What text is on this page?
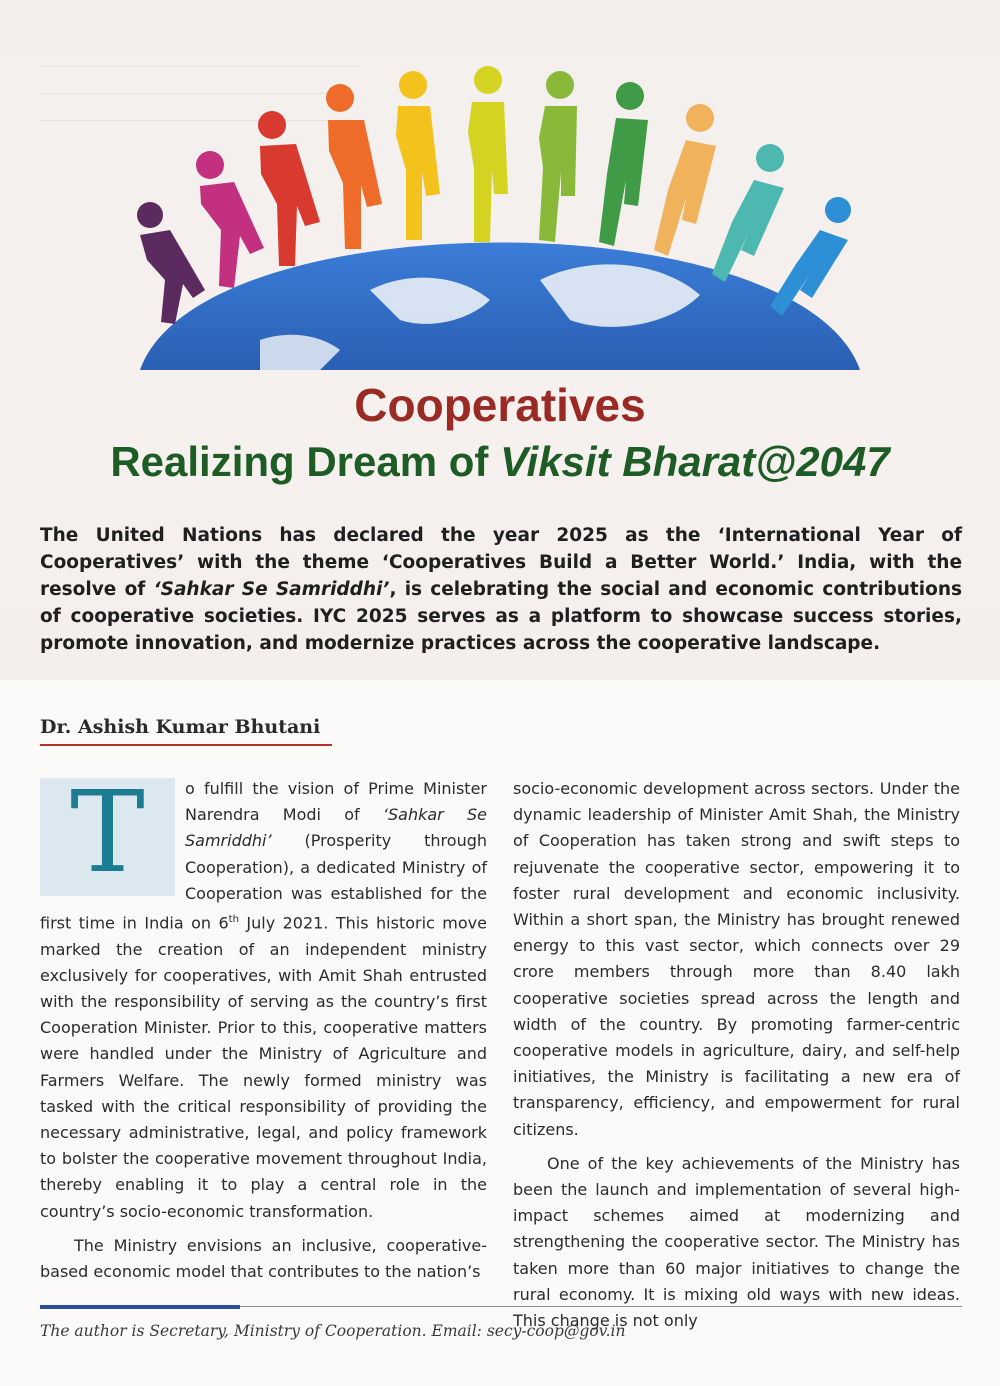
Cooperatives
Realizing Dream of Viksit Bharat@2047
The United Nations has declared the year 2025 as the ‘International Year of Cooperatives’ with the theme ‘Cooperatives Build a Better World.’ India, with the resolve of ‘Sahkar Se Samriddhi’, is celebrating the social and economic contributions of cooperative societies. IYC 2025 serves as a platform to showcase success stories, promote innovation, and modernize practices across the cooperative landscape.
Dr. Ashish Kumar Bhutani

T	o fulfill the vision of Prime Minister Narendra Modi of ‘Sahkar Se Samriddhi’ (Prosperity through Cooperation), a dedicated Ministry of Cooperation was established for the first time in India on 6th July 2021. This historic move marked the creation of an independent ministry exclusively for cooperatives, with Amit Shah entrusted with the responsibility of serving as the country’s first Cooperation Minister. Prior to this, cooperative matters were handled under the Ministry of Agriculture and Farmers Welfare. The newly formed ministry was tasked with the critical responsibility of providing the necessary administrative, legal, and policy framework to bolster the cooperative movement throughout India, thereby enabling it to play a central role in the country’s socio-economic transformation.

The Ministry envisions an inclusive, cooperative-based economic model that contributes to the nation’s

socio-economic development across sectors. Under the dynamic leadership of Minister Amit Shah, the Ministry of Cooperation has taken strong and swift steps to rejuvenate the cooperative sector, empowering it to foster rural development and economic inclusivity. Within a short span, the Ministry has brought renewed energy to this vast sector, which connects over 29 crore members through more than 8.40 lakh cooperative societies spread across the length and width of the country. By promoting farmer-centric cooperative models in agriculture, dairy, and self-help initiatives, the Ministry is facilitating a new era of transparency, efficiency, and empowerment for rural citizens.

One of the key achievements of the Ministry has been the launch and implementation of several high-impact schemes aimed at modernizing and strengthening the cooperative sector. The Ministry has taken more than 60 major initiatives to change the rural economy. It is mixing old ways with new ideas. This change is not only

The author is Secretary, Ministry of Cooperation. Email: secy-coop@gov.in
